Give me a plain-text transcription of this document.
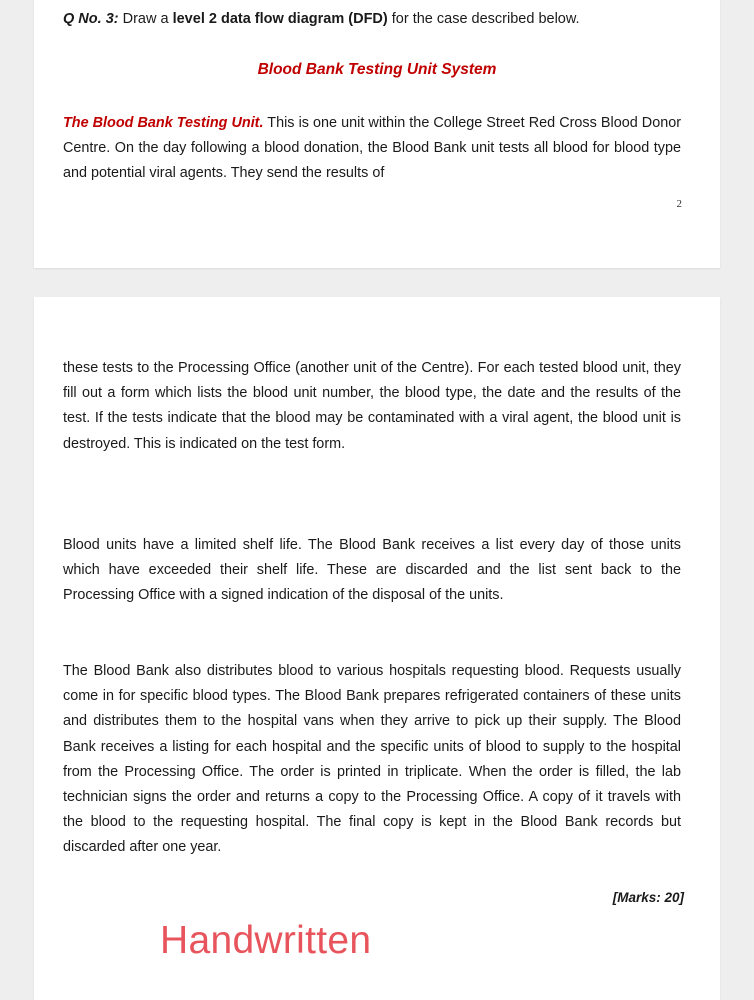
Q No. 3: Draw a level 2 data flow diagram (DFD) for the case described below.
Blood Bank Testing Unit System

The Blood Bank Testing Unit. This is one unit within the College Street Red Cross Blood Donor Centre. On the day following a blood donation, the Blood Bank unit tests all blood for blood type and potential viral agents. They send the results of

2

these tests to the Processing Office (another unit of the Centre). For each tested blood unit, they fill out a form which lists the blood unit number, the blood type, the date and the results of the test. If the tests indicate that the blood may be contaminated with a viral agent, the blood unit is destroyed. This is indicated on the test form.

Blood units have a limited shelf life. The Blood Bank receives a list every day of those units which have exceeded their shelf life. These are discarded and the list sent back to the Processing Office with a signed indication of the disposal of the units.

The Blood Bank also distributes blood to various hospitals requesting blood. Requests usually come in for specific blood types. The Blood Bank prepares refrigerated containers of these units and distributes them to the hospital vans when they arrive to pick up their supply. The Blood Bank receives a listing for each hospital and the specific units of blood to supply to the hospital from the Processing Office. The order is printed in triplicate. When the order is filled, the lab technician signs the order and returns a copy to the Processing Office. A copy of it travels with the blood to the requesting hospital. The final copy is kept in the Blood Bank records but discarded after one year.

[Marks: 20]
Handwritten
